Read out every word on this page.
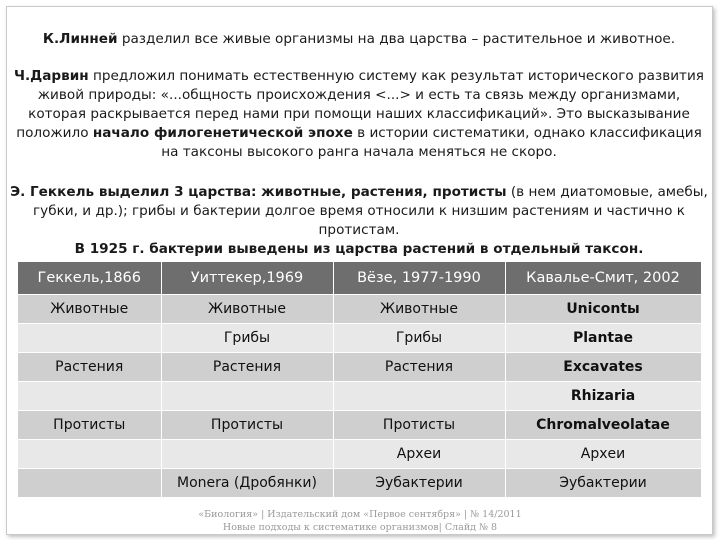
К.Линней разделил все живые организмы на два царства – растительное и животное.
Ч.Дарвин предложил понимать естественную систему как результат исторического развития живой природы: «...общность происхождения <...> и есть та связь между организмами, которая раскрывается перед нами при помощи наших классификаций». Это высказывание положило начало филогенетической эпохе в истории систематики, однако классификация на таксоны высокого ранга начала меняться не скоро.
Э. Геккель выделил 3 царства: животные, растения, протисты (в нем диатомовые, амебы, губки, и др.); грибы и бактерии долгое время относили к низшим растениям и частично к протистам.
В 1925 г. бактерии выведены из царства растений в отдельный таксон.
Геккель,1866	Уиттекер,1969	Вёзе, 1977-1990	Кавалье-Смит, 2002
Животные	Животные	Животные	Unicontы
	Грибы	Грибы	Plantae
Растения	Растения	Растения	Excavates
			Rhizaria
Протисты	Протисты	Протисты	Chromalveolatae
		Археи	Археи
	Monera (Дробянки)	Эубактерии	Эубактерии
«Биология» | Издательский дом «Первое сентября» | № 14/2011
Новые подходы к систематике организмов| Слайд № 8
